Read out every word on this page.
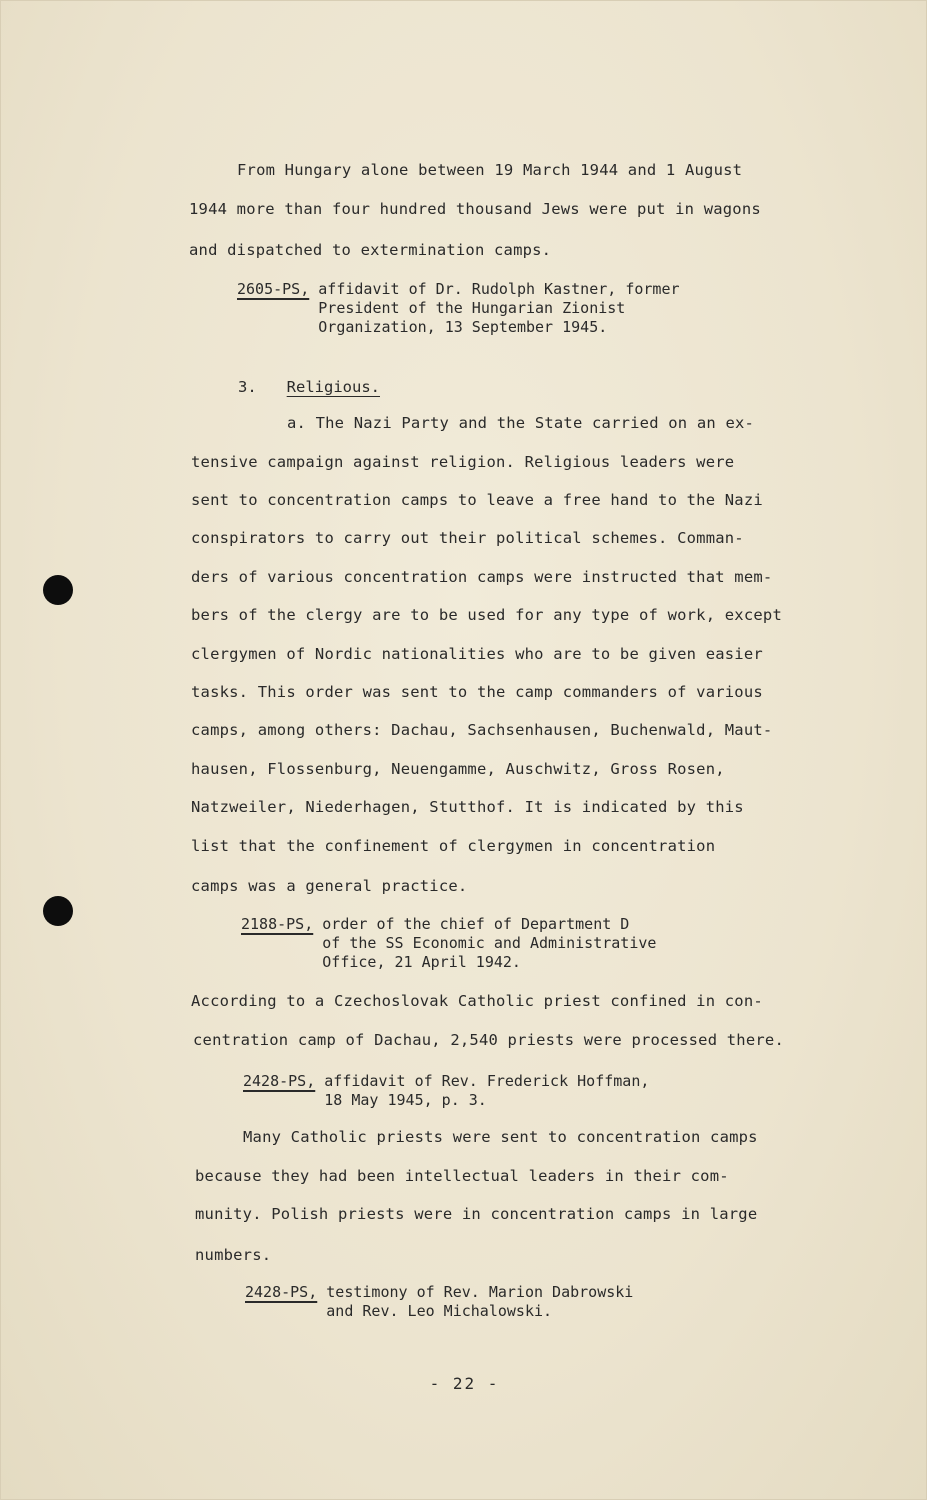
From Hungary alone between 19 March 1944 and 1 August
1944 more than four hundred thousand Jews were put in wagons
and dispatched to extermination camps.
2605-PS, affidavit of Dr. Rudolph Kastner, former
President of the Hungarian Zionist
Organization, 13 September 1945.
3. Religious.
a. The Nazi Party and the State carried on an ex-
tensive campaign against religion. Religious leaders were
sent to concentration camps to leave a free hand to the Nazi
conspirators to carry out their political schemes. Comman-
ders of various concentration camps were instructed that mem-
bers of the clergy are to be used for any type of work, except
clergymen of Nordic nationalities who are to be given easier
tasks. This order was sent to the camp commanders of various
camps, among others: Dachau, Sachsenhausen, Buchenwald, Maut-
hausen, Flossenburg, Neuengamme, Auschwitz, Gross Rosen,
Natzweiler, Niederhagen, Stutthof. It is indicated by this
list that the confinement of clergymen in concentration
camps was a general practice.
2188-PS, order of the chief of Department D
of the SS Economic and Administrative
Office, 21 April 1942.
According to a Czechoslovak Catholic priest confined in con-
centration camp of Dachau, 2,540 priests were processed there.
2428-PS, affidavit of Rev. Frederick Hoffman,
18 May 1945, p. 3.
Many Catholic priests were sent to concentration camps
because they had been intellectual leaders in their com-
munity. Polish priests were in concentration camps in large
numbers.
2428-PS, testimony of Rev. Marion Dabrowski
and Rev. Leo Michalowski.
- 22 -
